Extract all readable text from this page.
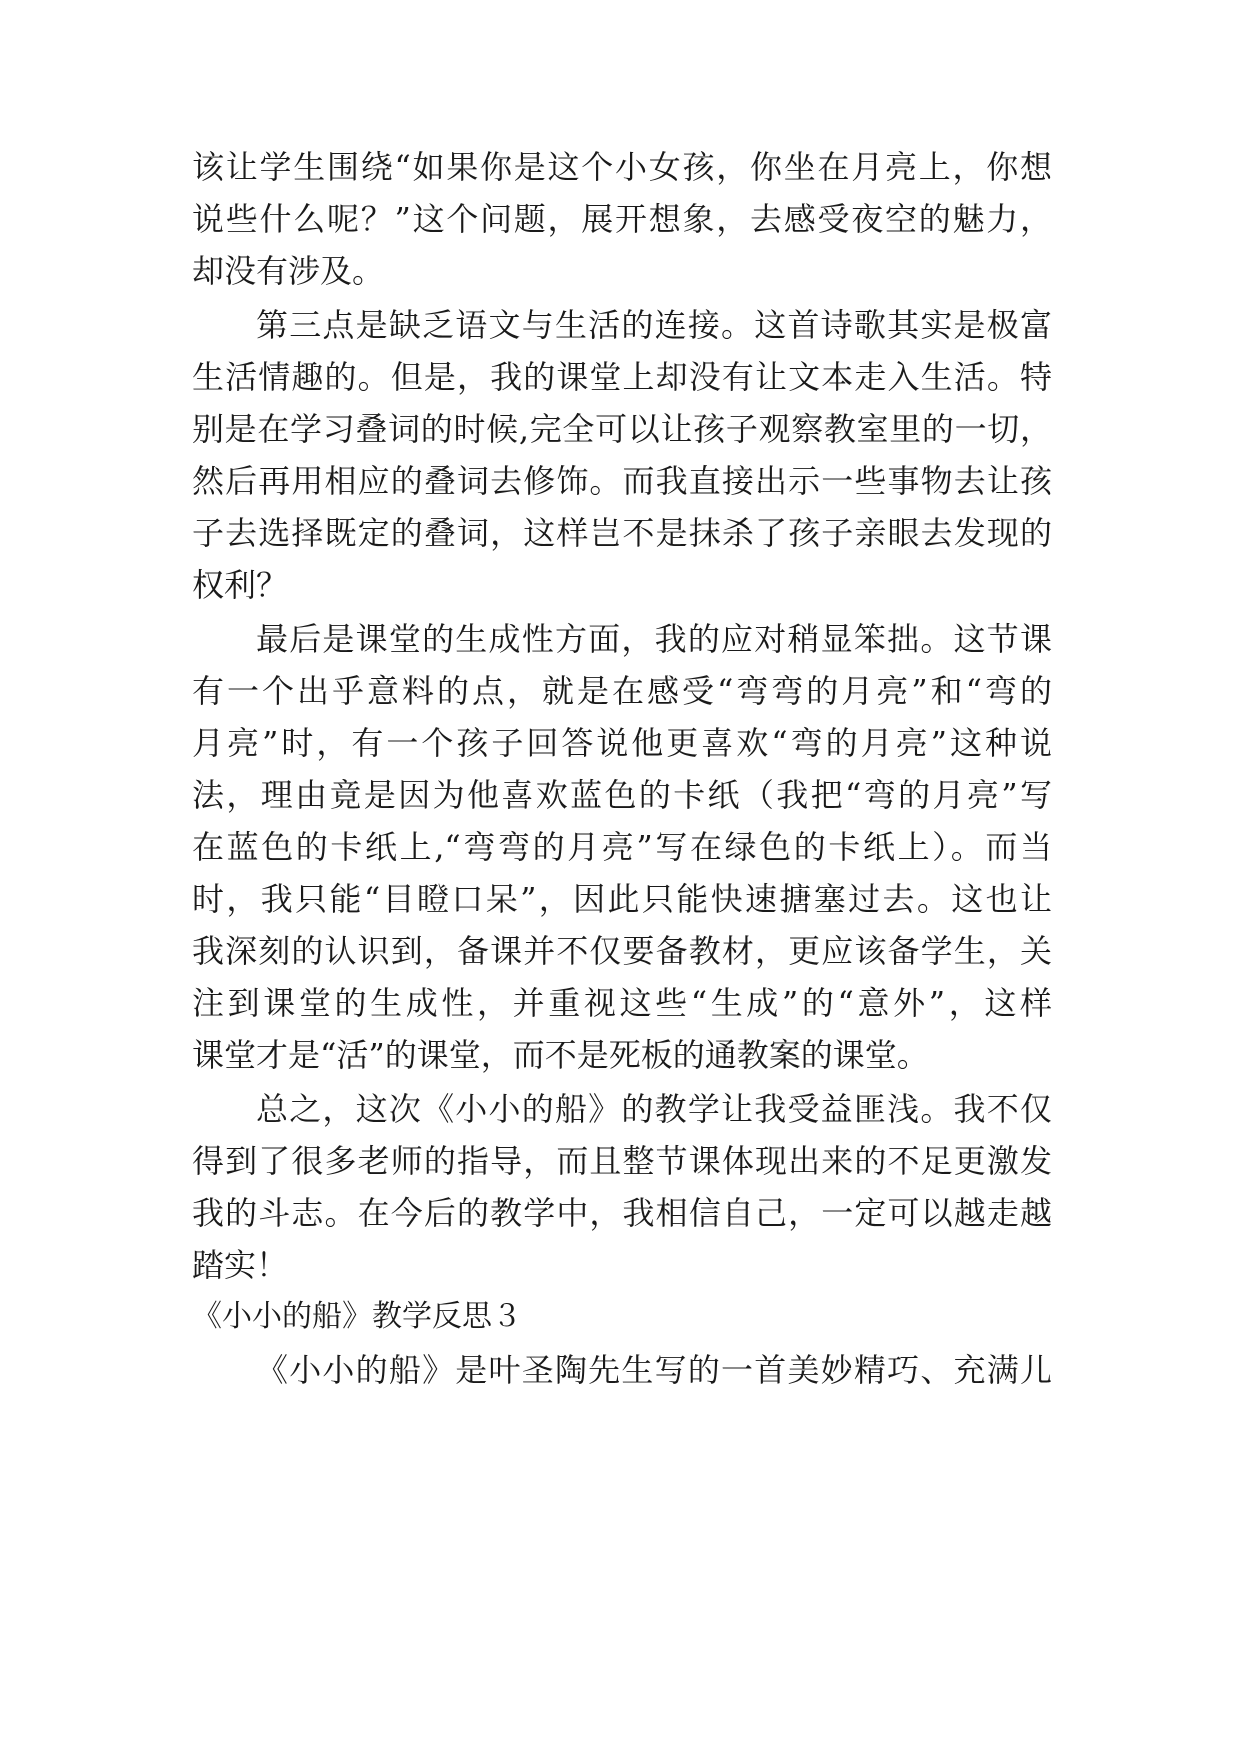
该让学生围绕“如果你是这个小女孩，你坐在月亮上，你想
说些什么呢？”这个问题，展开想象，去感受夜空的魅力，
却没有涉及。
第三点是缺乏语文与生活的连接。这首诗歌其实是极富
生活情趣的。但是，我的课堂上却没有让文本走入生活。特
别是在学习叠词的时候,完全可以让孩子观察教室里的一切，
然后再用相应的叠词去修饰。而我直接出示一些事物去让孩
子去选择既定的叠词，这样岂不是抹杀了孩子亲眼去发现的
权利？
最后是课堂的生成性方面，我的应对稍显笨拙。这节课
有一个出乎意料的点，就是在感受“弯弯的月亮”和“弯的
月亮”时，有一个孩子回答说他更喜欢“弯的月亮”这种说
法，理由竟是因为他喜欢蓝色的卡纸（我把“弯的月亮”写
在蓝色的卡纸上,“弯弯的月亮”写在绿色的卡纸上）。而当
时，我只能“目瞪口呆”，因此只能快速搪塞过去。这也让
我深刻的认识到，备课并不仅要备教材，更应该备学生，关
注到课堂的生成性，并重视这些“生成”的“意外”，这样
课堂才是“活”的课堂，而不是死板的通教案的课堂。
总之，这次《小小的船》的教学让我受益匪浅。我不仅
得到了很多老师的指导，而且整节课体现出来的不足更激发
我的斗志。在今后的教学中，我相信自己，一定可以越走越
踏实！
《小小的船》教学反思３
《小小的船》是叶圣陶先生写的一首美妙精巧、充满儿
